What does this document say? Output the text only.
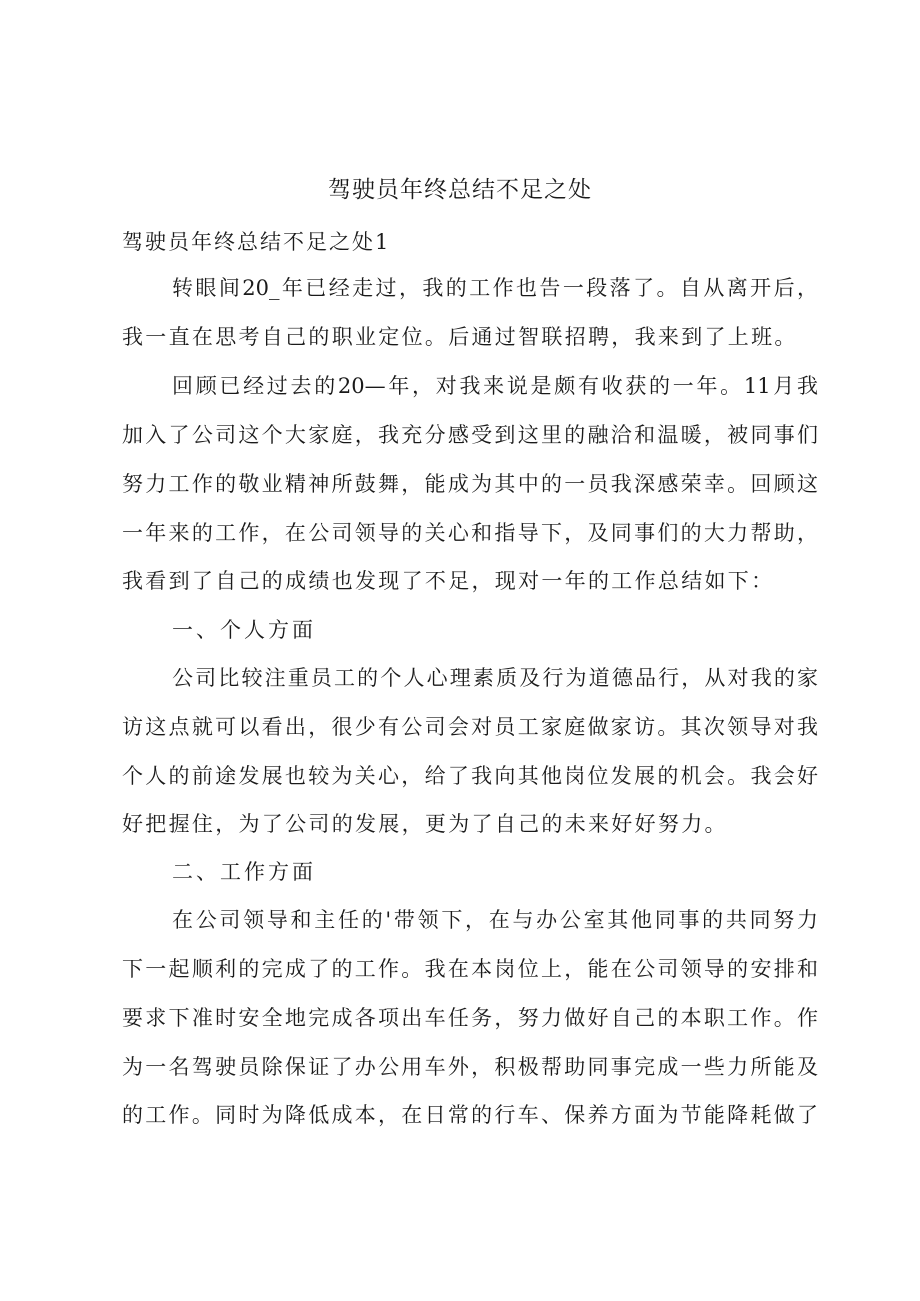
驾驶员年终总结不足之处

驾驶员年终总结不足之处1

转眼间20_年已经走过，我的工作也告一段落了。自从离开后，

我一直在思考自己的职业定位。后通过智联招聘，我来到了上班。

回顾已经过去的20—年，对我来说是颇有收获的一年。11月我

加入了公司这个大家庭，我充分感受到这里的融洽和温暖，被同事们

努力工作的敬业精神所鼓舞，能成为其中的一员我深感荣幸。回顾这

一年来的工作，在公司领导的关心和指导下，及同事们的大力帮助，

我看到了自己的成绩也发现了不足，现对一年的工作总结如下：

一、个人方面

公司比较注重员工的个人心理素质及行为道德品行，从对我的家

访这点就可以看出，很少有公司会对员工家庭做家访。其次领导对我

个人的前途发展也较为关心，给了我向其他岗位发展的机会。我会好

好把握住，为了公司的发展，更为了自己的未来好好努力。

二、工作方面

在公司领导和主任的'带领下，在与办公室其他同事的共同努力

下一起顺利的完成了的工作。我在本岗位上，能在公司领导的安排和

要求下准时安全地完成各项出车任务，努力做好自己的本职工作。作

为一名驾驶员除保证了办公用车外，积极帮助同事完成一些力所能及

的工作。同时为降低成本，在日常的行车、保养方面为节能降耗做了
